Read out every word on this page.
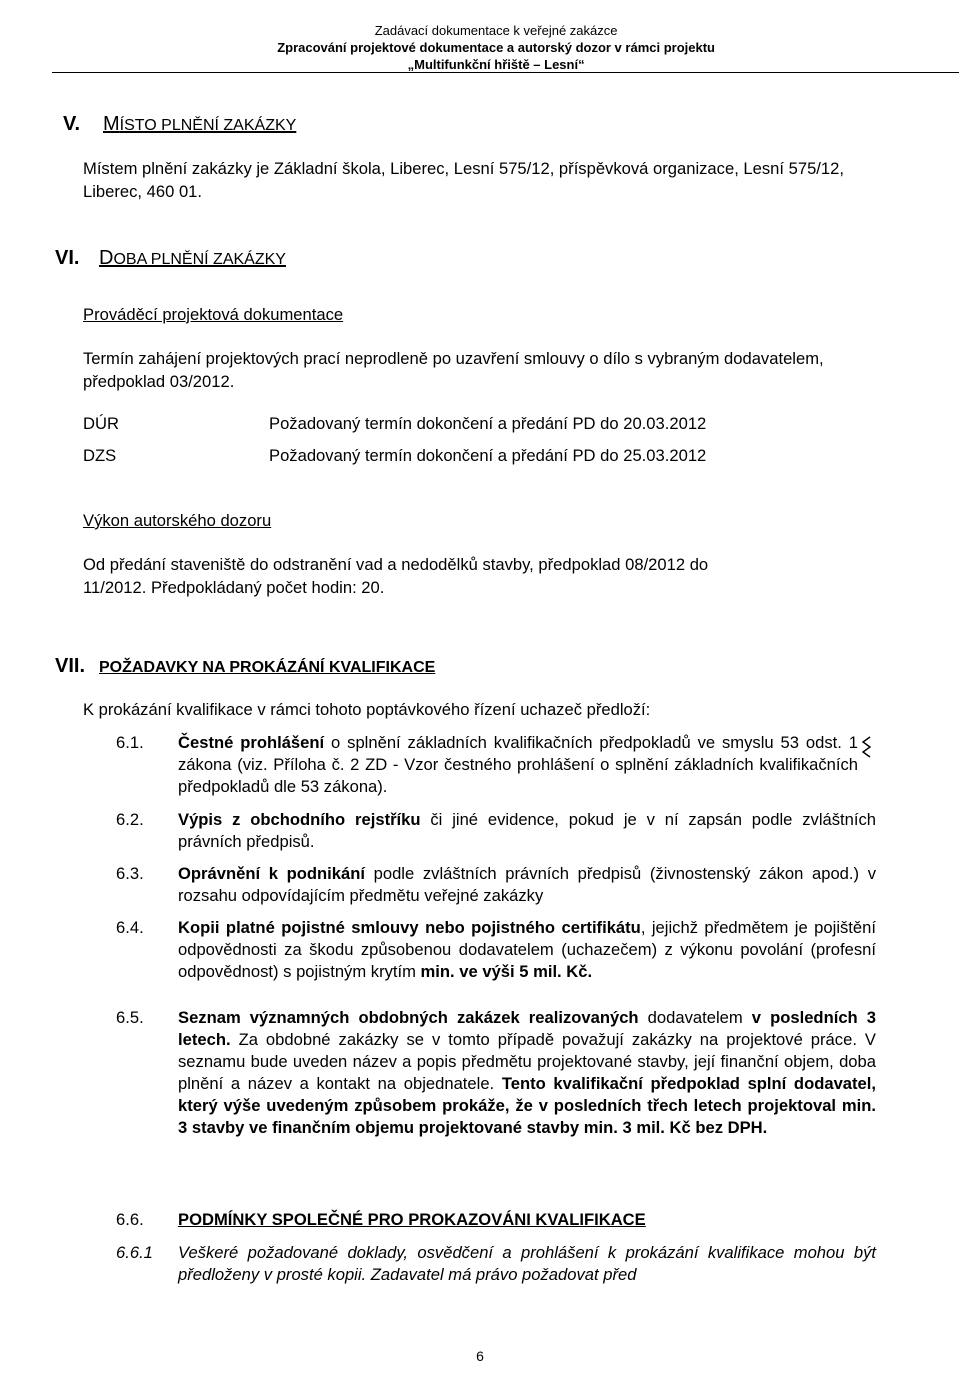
Zadávací dokumentace k veřejné zakázce
Zpracování projektové dokumentace a autorský dozor v rámci projektu
„Multifunkční hřiště – Lesní“
V. MÍSTO PLNĚNÍ ZAKÁZKY
Místem plnění zakázky je Základní škola, Liberec, Lesní 575/12, příspěvková organizace, Lesní 575/12, Liberec, 460 01.
VI. DOBA PLNĚNÍ ZAKÁZKY
Prováděcí projektová dokumentace
Termín zahájení projektových prací neprodleně po uzavření smlouvy o dílo s vybraným dodavatelem, předpoklad 03/2012.
DÚR	Požadovaný termín dokončení a předání PD do 20.03.2012
DZS	Požadovaný termín dokončení a předání PD do 25.03.2012
Výkon autorského dozoru
Od předání staveniště do odstranění vad a nedodělků stavby, předpoklad 08/2012 do
11/2012. Předpokládaný počet hodin: 20.
VII. POŽADAVKY NA PROKÁZÁNÍ KVALIFIKACE
K prokázání kvalifikace v rámci tohoto poptávkového řízení uchazeč předloží:
6.1. Čestné prohlášení o splnění základních kvalifikačních předpokladů ve smyslu 53 odst. 1 zákona (viz. Příloha č. 2 ZD - Vzor čestného prohlášení o splnění základních kvalifikačních předpokladů dle 53 zákona).
6.2. Výpis z obchodního rejstříku či jiné evidence, pokud je v ní zapsán podle zvláštních právních předpisů.
6.3. Oprávnění k podnikání podle zvláštních právních předpisů (živnostenský zákon apod.) v rozsahu odpovídajícím předmětu veřejné zakázky
6.4. Kopii platné pojistné smlouvy nebo pojistného certifikátu, jejichž předmětem je pojištění odpovědnosti za škodu způsobenou dodavatelem (uchazečem) z výkonu povolání (profesní odpovědnost) s pojistným krytím min. ve výši 5 mil. Kč.
6.5. Seznam významných obdobných zakázek realizovaných dodavatelem v posledních 3 letech. Za obdobné zakázky se v tomto případě považují zakázky na projektové práce. V seznamu bude uveden název a popis předmětu projektované stavby, její finanční objem, doba plnění a název a kontakt na objednatele. Tento kvalifikační předpoklad splní dodavatel, který výše uvedeným způsobem prokáže, že v posledních třech letech projektoval min. 3 stavby ve finančním objemu projektované stavby min. 3 mil. Kč bez DPH.
6.6. PODMÍNKY SPOLEČNÉ PRO PROKAZOVÁNI KVALIFIKACE
6.6.1 Veškeré požadované doklady, osvědčení a prohlášení k prokázání kvalifikace mohou být předloženy v prosté kopii. Zadavatel má právo požadovat před
6
